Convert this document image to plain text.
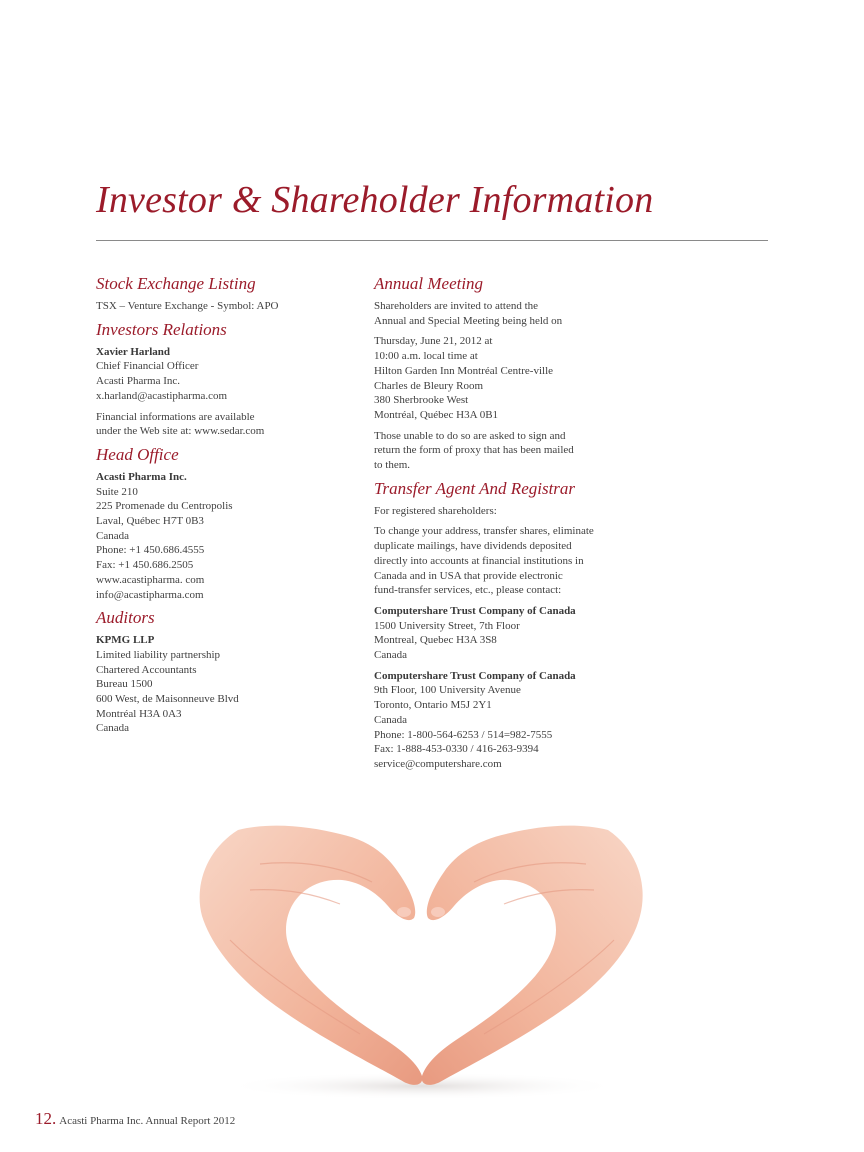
Investor & Shareholder Information
Stock Exchange Listing
TSX – Venture Exchange - Symbol: APO
Investors Relations
Xavier Harland
Chief Financial Officer
Acasti Pharma Inc.
x.harland@acastipharma.com
Financial informations are available
under the Web site at: www.sedar.com
Head Office
Acasti Pharma Inc.
Suite 210
225 Promenade du Centropolis
Laval, Québec H7T 0B3
Canada
Phone: +1 450.686.4555
Fax: +1 450.686.2505
www.acastipharma. com
info@acastipharma.com
Auditors
KPMG LLP
Limited liability partnership
Chartered Accountants
Bureau 1500
600 West, de Maisonneuve Blvd
Montréal H3A 0A3
Canada
Annual Meeting
Shareholders are invited to attend the
Annual and Special Meeting being held on
Thursday, June 21, 2012 at
10:00 a.m. local time at
Hilton Garden Inn Montréal Centre-ville
Charles de Bleury Room
380 Sherbrooke West
Montréal, Québec H3A 0B1
Those unable to do so are asked to sign and
return the form of proxy that has been mailed
to them.
Transfer Agent And Registrar
For registered shareholders:
To change your address, transfer shares, eliminate
duplicate mailings, have dividends deposited
directly into accounts at financial institutions in
Canada and in USA that provide electronic
fund-transfer services, etc., please contact:
Computershare Trust Company of Canada
1500 University Street, 7th Floor
Montreal, Quebec H3A 3S8
Canada
Computershare Trust Company of Canada
9th Floor, 100 University Avenue
Toronto, Ontario M5J 2Y1
Canada
Phone: 1-800-564-6253 / 514=982-7555
Fax: 1-888-453-0330 / 416-263-9394
service@computershare.com
12. Acasti Pharma Inc. Annual Report 2012
